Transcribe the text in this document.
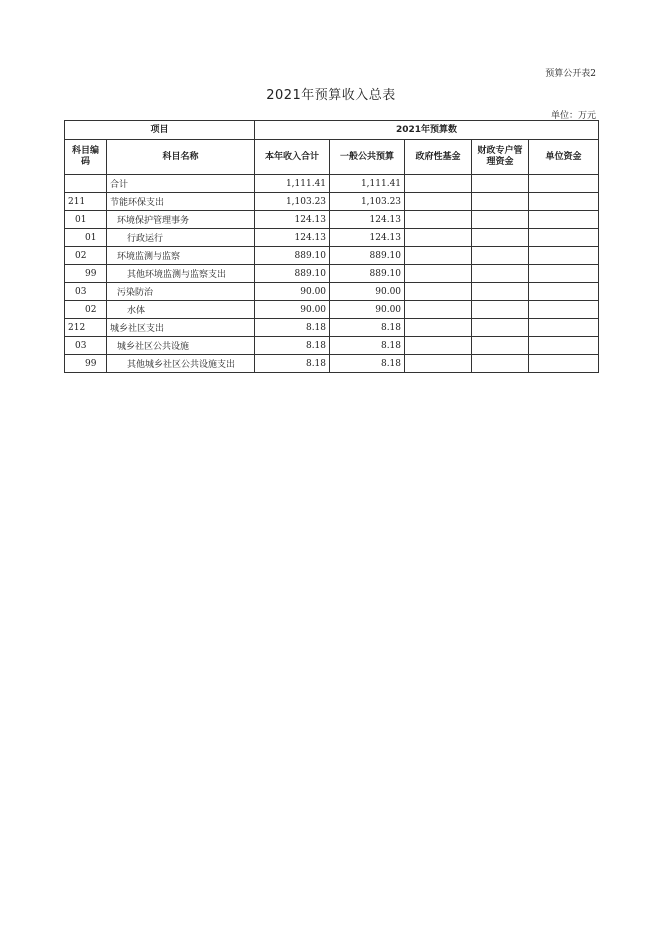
预算公开表2
2021年预算收入总表
单位：万元
项目		2021年预算数				
科目编码	科目名称	本年收入合计	一般公共预算	政府性基金	财政专户管理资金	单位资金
	合计	1,111.41	1,111.41			
211	节能环保支出	1,103.23	1,103.23			
01	环境保护管理事务	124.13	124.13			
01	行政运行	124.13	124.13			
02	环境监测与监察	889.10	889.10			
99	其他环境监测与监察支出	889.10	889.10			
03	污染防治	90.00	90.00			
02	水体	90.00	90.00			
212	城乡社区支出	8.18	8.18			
03	城乡社区公共设施	8.18	8.18			
99	其他城乡社区公共设施支出	8.18	8.18			
